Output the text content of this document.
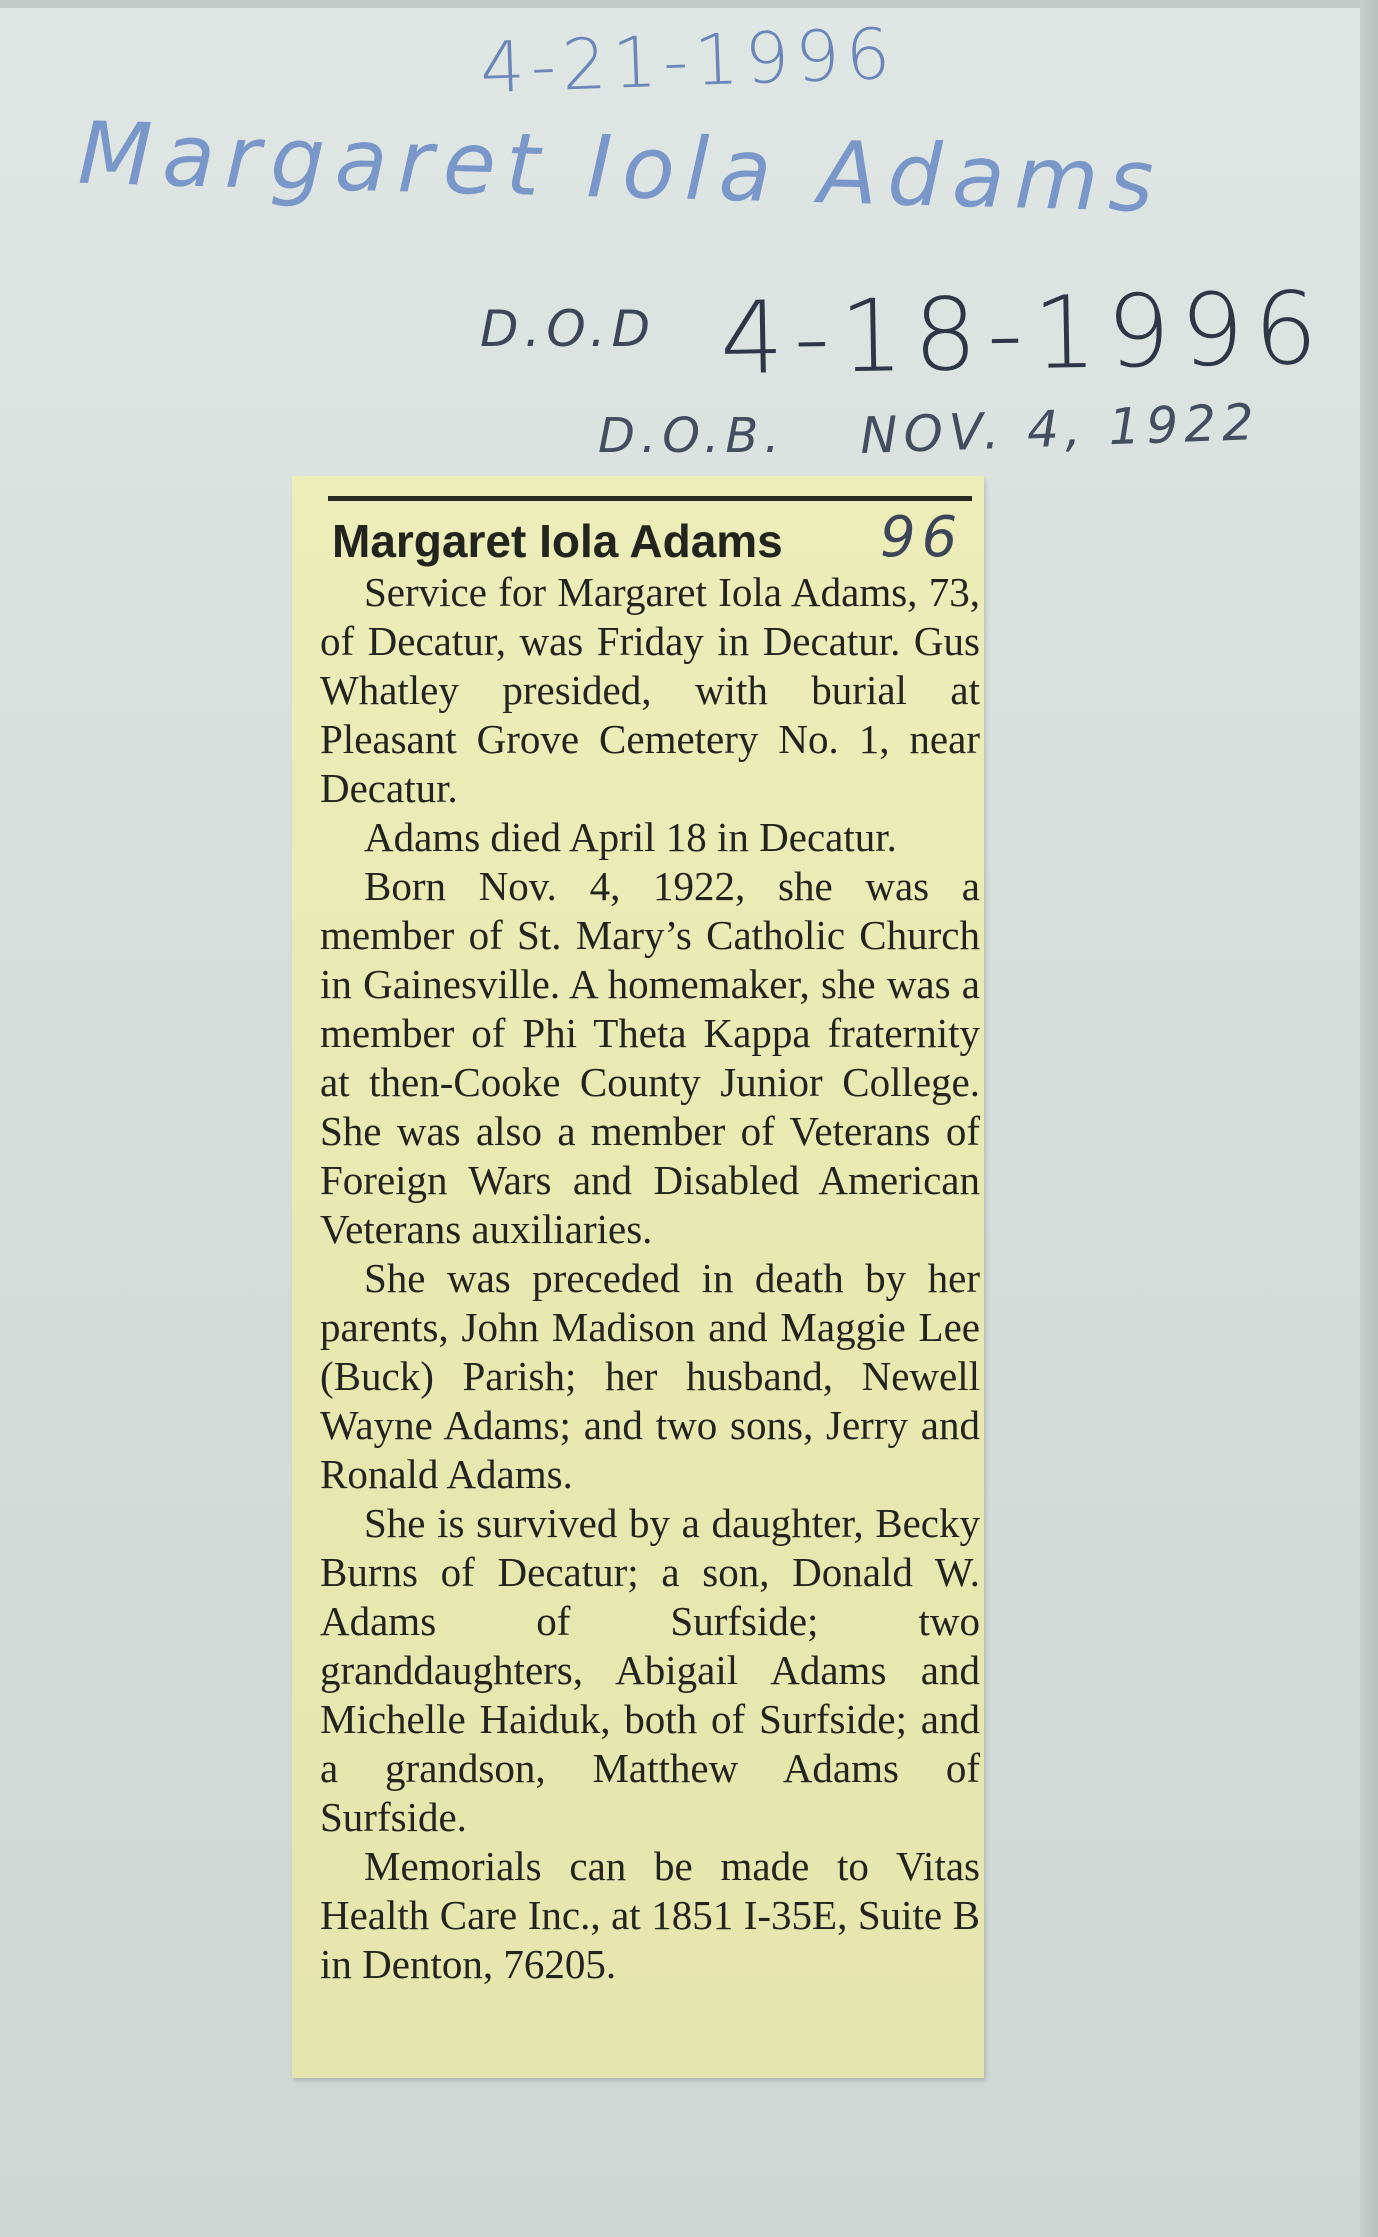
4-21-1996
Margaret Iola Adams
D.O.D 4-18-1996
D.O.B. NOV. 4, 1922
Margaret Iola Adams

Service for Margaret Iola Adams, 73, of Decatur, was Friday in Decatur. Gus Whatley presided, with burial at Pleasant Grove Cemetery No. 1, near Decatur.

Adams died April 18 in Decatur.

Born Nov. 4, 1922, she was a member of St. Mary’s Catholic Church in Gainesville. A homemaker, she was a member of Phi Theta Kappa fraternity at then-Cooke County Junior College. She was also a member of Veterans of Foreign Wars and Disabled American Veterans auxiliaries.

She was preceded in death by her parents, John Madison and Maggie Lee (Buck) Parish; her husband, Newell Wayne Adams; and two sons, Jerry and Ronald Adams.

She is survived by a daughter, Becky Burns of Decatur; a son, Donald W. Adams of Surfside; two granddaughters, Abigail Adams and Michelle Haiduk, both of Surfside; and a grandson, Matthew Adams of Surfside.

Memorials can be made to Vitas Health Care Inc., at 1851 I-35E, Suite B in Denton, 76205.

96
